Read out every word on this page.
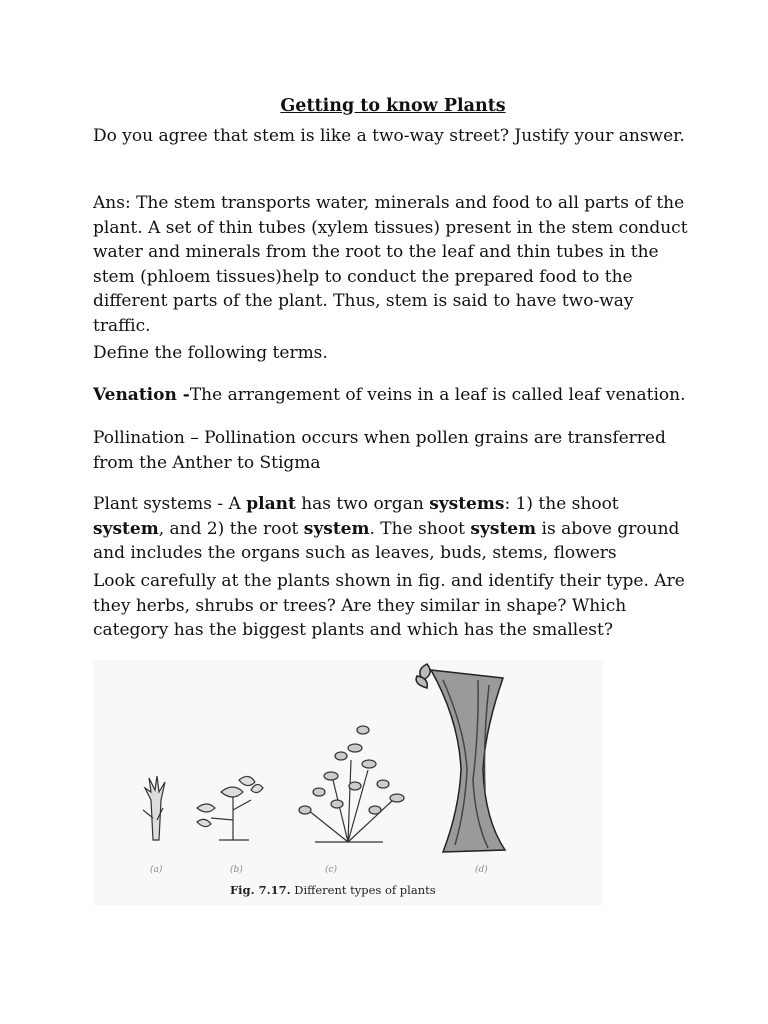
Getting to know Plants
Do you agree that stem is like a two-way street? Justify your answer.
Ans: The stem transports water, minerals and food to all parts of the plant. A set of thin tubes (xylem tissues) present in the stem conduct water and minerals from the root to the leaf and thin tubes in the stem (phloem tissues)help to conduct the prepared food to the different parts of the plant. Thus, stem is said to have two-way traffic.
Define the following terms.
Venation -The arrangement of veins in a leaf is called leaf venation.
Pollination – Pollination occurs when pollen grains are transferred from the Anther to Stigma
Plant systems - A plant has two organ systems: 1) the shoot system, and 2) the root system. The shoot system is above ground and includes the organs such as leaves, buds, stems, flowers
Look carefully at the plants shown in fig. and identify their type. Are they herbs, shrubs or trees? Are they similar in shape? Which category has the biggest plants and which has the smallest?
(a)	(b)	(c)	(d)
Fig. 7.17. Different types of plants
